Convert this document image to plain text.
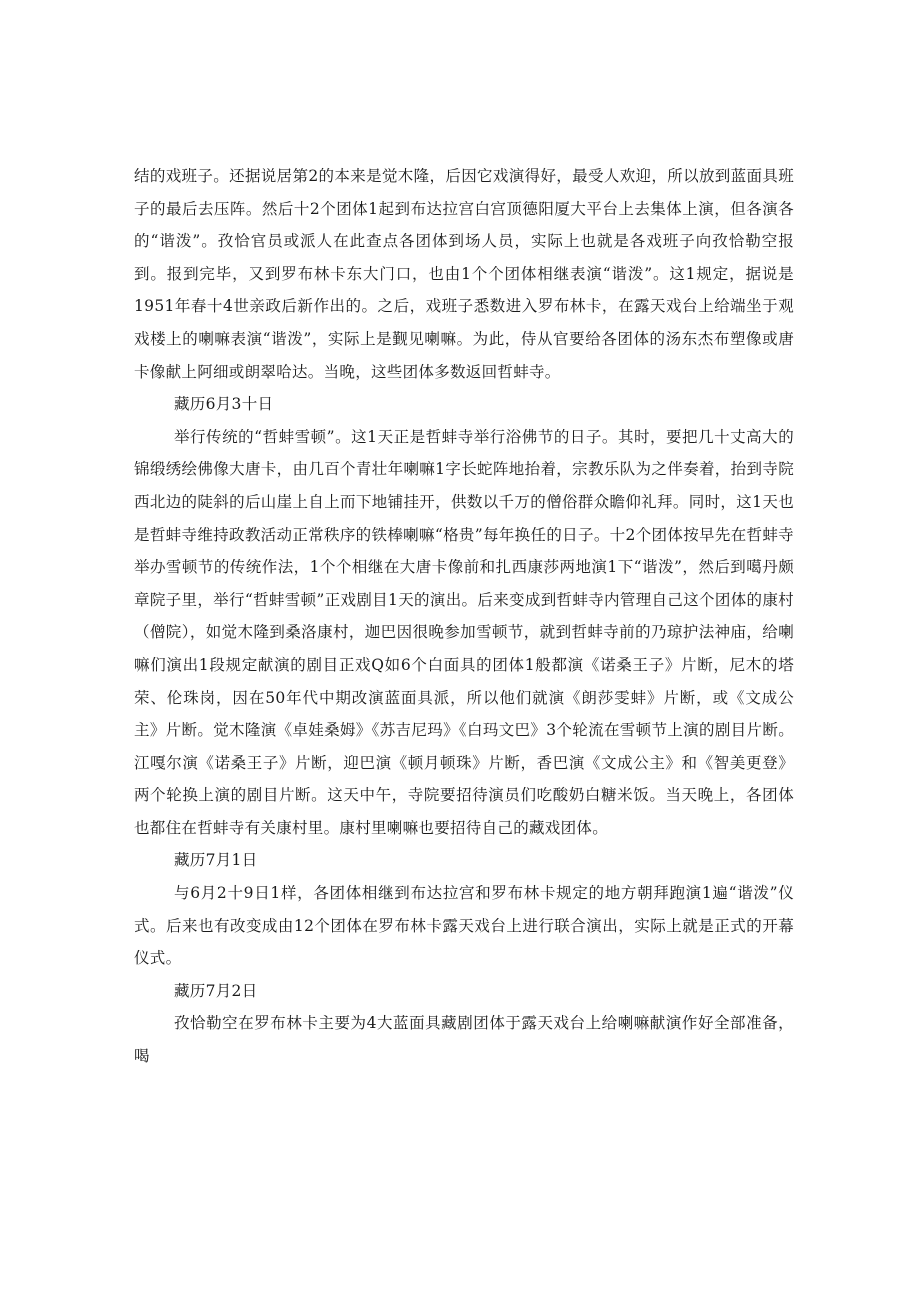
结的戏班子。还据说居第2的本来是觉木隆，后因它戏演得好，最受人欢迎，所以放到蓝面具班子的最后去压阵。然后十2个团体1起到布达拉宫白宫顶德阳厦大平台上去集体上演，但各演各的“谐泼”。孜恰官员或派人在此查点各团体到场人员，实际上也就是各戏班子向孜恰勒空报到。报到完毕，又到罗布林卡东大门口，也由1个个团体相继表演“谐泼”。这1规定，据说是1951年春十4世亲政后新作出的。之后，戏班子悉数进入罗布林卡，在露天戏台上给端坐于观戏楼上的喇嘛表演“谐泼”，实际上是觐见喇嘛。为此，侍从官要给各团体的汤东杰布塑像或唐卡像献上阿细或朗翠哈达。当晚，这些团体多数返回哲蚌寺。

藏历6月3十日

举行传统的“哲蚌雪顿”。这1天正是哲蚌寺举行浴佛节的日子。其时，要把几十丈高大的锦缎绣绘佛像大唐卡，由几百个青壮年喇嘛1字长蛇阵地抬着，宗教乐队为之伴奏着，抬到寺院西北边的陡斜的后山崖上自上而下地铺挂开，供数以千万的僧俗群众瞻仰礼拜。同时，这1天也是哲蚌寺维持政教活动正常秩序的铁棒喇嘛“格贵”每年换任的日子。十2个团体按早先在哲蚌寺举办雪顿节的传统作法，1个个相继在大唐卡像前和扎西康莎两地演1下“谐泼”，然后到噶丹颇章院子里，举行“哲蚌雪顿”正戏剧目1天的演出。后来变成到哲蚌寺内管理自己这个团体的康村（僧院），如觉木隆到桑洛康村，迦巴因很晚参加雪顿节，就到哲蚌寺前的乃琼护法神庙，给喇嘛们演出1段规定献演的剧目正戏Q如6个白面具的团体1般都演《诺桑王子》片断，尼木的塔荣、伦珠岗，因在50年代中期改演蓝面具派，所以他们就演《朗莎雯蚌》片断，或《文成公主》片断。觉木隆演《卓娃桑姆》《苏吉尼玛》《白玛文巴》3个轮流在雪顿节上演的剧目片断。江嘎尔演《诺桑王子》片断，迎巴演《顿月顿珠》片断，香巴演《文成公主》和《智美更登》两个轮换上演的剧目片断。这天中午，寺院要招待演员们吃酸奶白糖米饭。当天晚上，各团体也都住在哲蚌寺有关康村里。康村里喇嘛也要招待自己的藏戏团体。

藏历7月1日

与6月2十9日1样，各团体相继到布达拉宫和罗布林卡规定的地方朝拜跑演1遍“谐泼”仪式。后来也有改变成由12个团体在罗布林卡露天戏台上进行联合演出，实际上就是正式的开幕仪式。

藏历7月2日

孜恰勒空在罗布林卡主要为4大蓝面具藏剧团体于露天戏台上给喇嘛献演作好全部准备，喝
